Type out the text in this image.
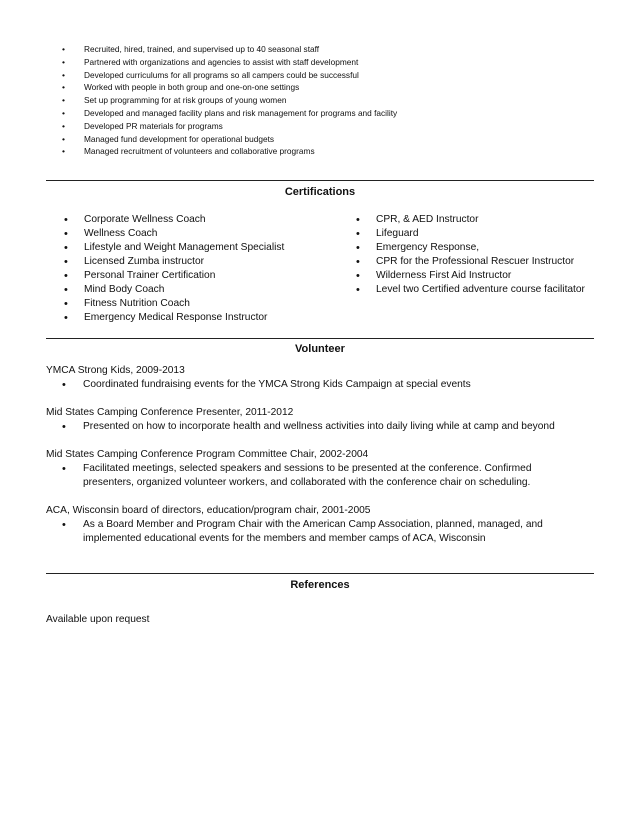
• Recruited, hired, trained, and supervised up to 40 seasonal staff
• Partnered with organizations and agencies to assist with staff development
• Developed curriculums for all programs so all campers could be successful
• Worked with people in both group and one-on-one settings
• Set up programming for at risk groups of young women
• Developed and managed facility plans and risk management for programs and facility
• Developed PR materials for programs
• Managed fund development for operational budgets
• Managed recruitment of volunteers and collaborative programs
Certifications
• Corporate Wellness Coach
• Wellness Coach
• Lifestyle and Weight Management Specialist
• Licensed Zumba instructor
• Personal Trainer Certification
• Mind Body Coach
• Fitness Nutrition Coach
• Emergency Medical Response Instructor
• CPR, & AED Instructor
• Lifeguard
• Emergency Response,
• CPR for the Professional Rescuer Instructor
• Wilderness First Aid Instructor
• Level two Certified adventure course facilitator
Volunteer
YMCA Strong Kids, 2009-2013
• Coordinated fundraising events for the YMCA Strong Kids Campaign at special events
Mid States Camping Conference Presenter, 2011-2012
• Presented on how to incorporate health and wellness activities into daily living while at camp and beyond
Mid States Camping Conference Program Committee Chair, 2002-2004
• Facilitated meetings, selected speakers and sessions to be presented at the conference. Confirmed presenters, organized volunteer workers, and collaborated with the conference chair on scheduling.
ACA, Wisconsin board of directors, education/program chair, 2001-2005
• As a Board Member and Program Chair with the American Camp Association, planned, managed, and implemented educational events for the members and member camps of ACA, Wisconsin
References
Available upon request
